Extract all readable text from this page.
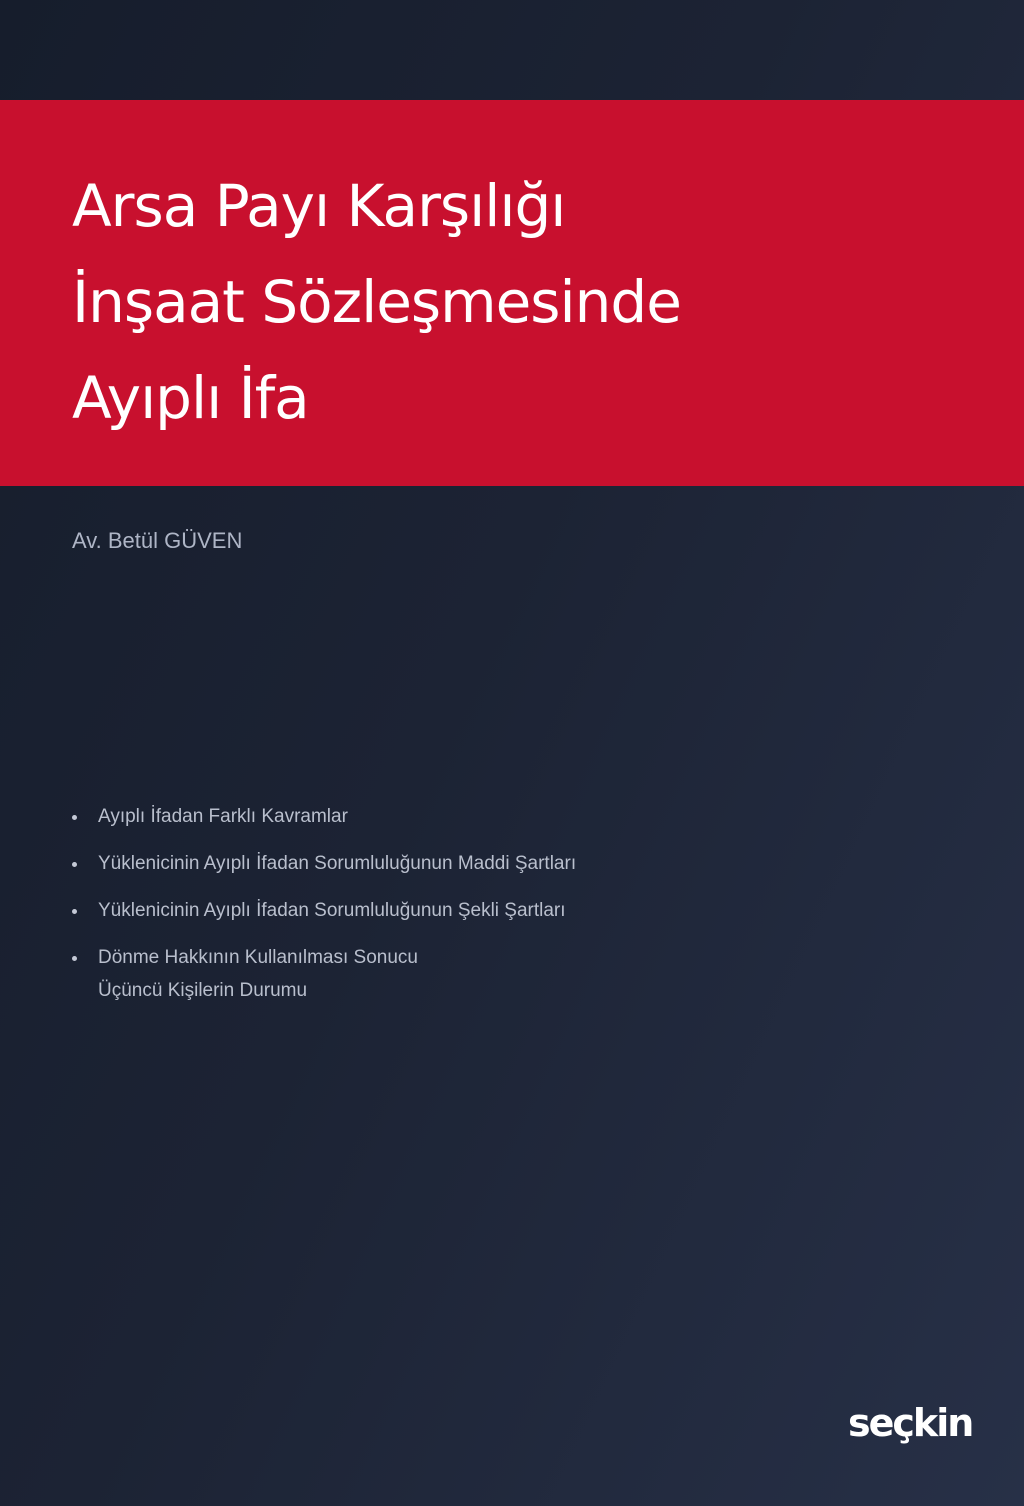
Arsa Payı Karşılığı
İnşaat Sözleşmesinde
Ayıplı İfa
Av. Betül GÜVEN
Ayıplı İfadan Farklı Kavramlar
Yüklenicinin Ayıplı İfadan Sorumluluğunun Maddi Şartları
Yüklenicinin Ayıplı İfadan Sorumluluğunun Şekli Şartları
Dönme Hakkının Kullanılması Sonucu Üçüncü Kişilerin Durumu
seçkin
